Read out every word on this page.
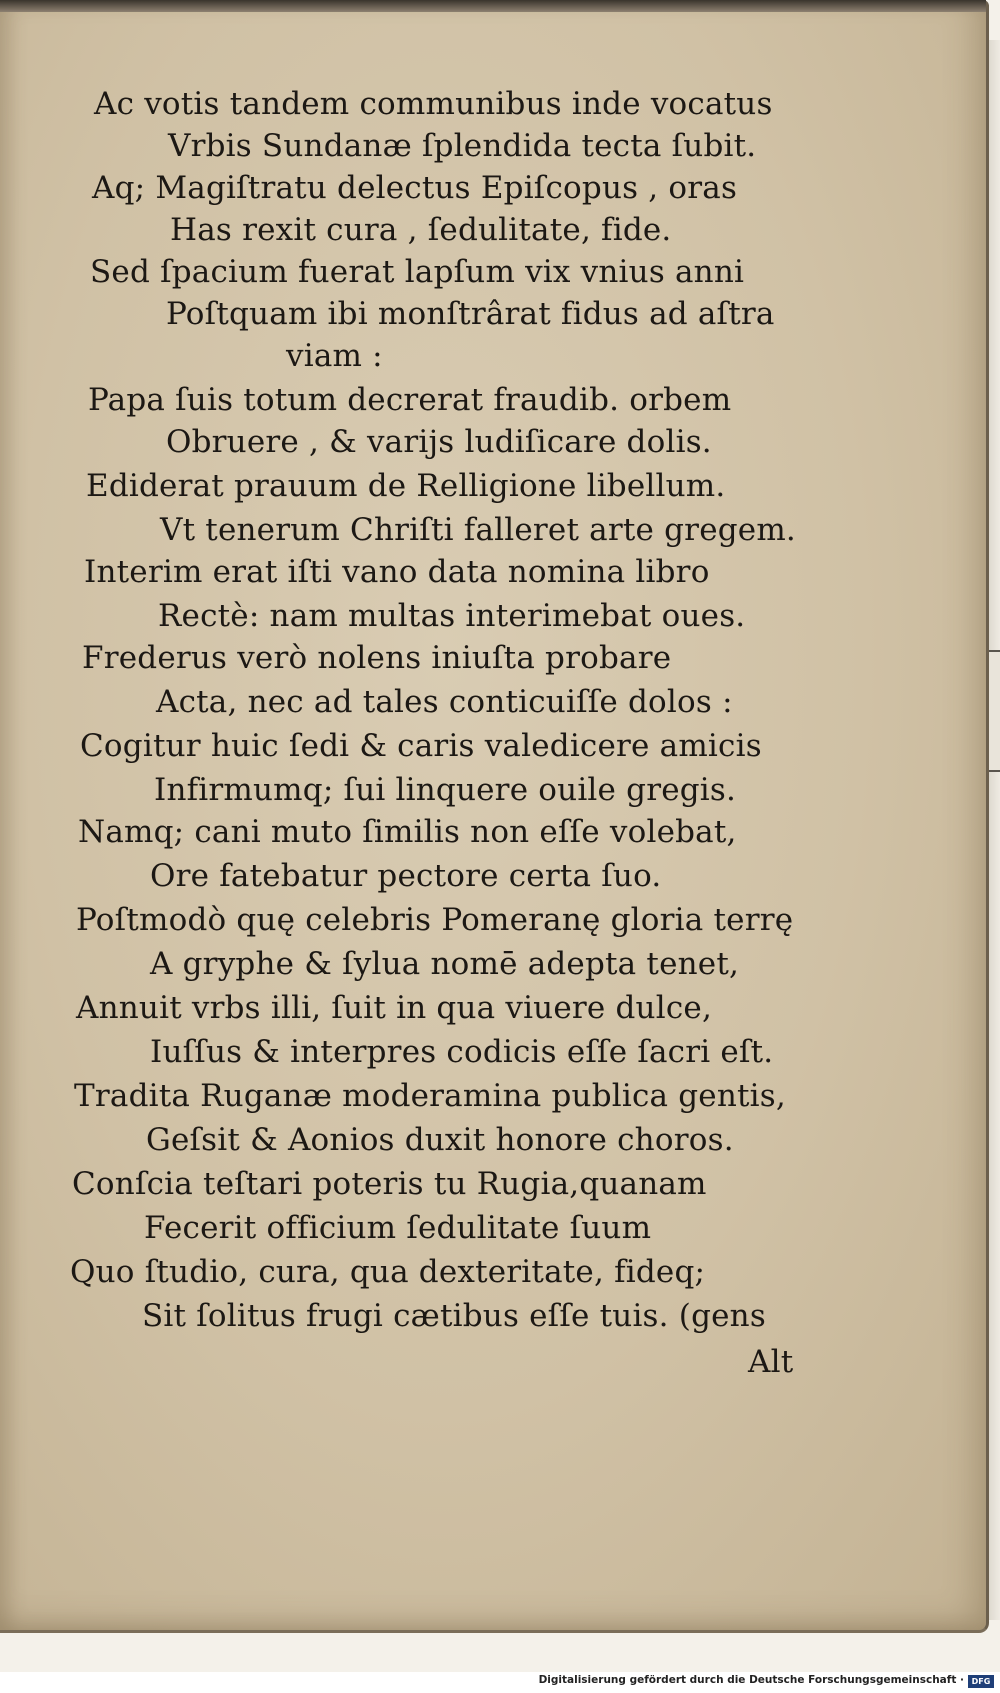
Ac votis tandem communibus inde vocatus
Vrbis Sundanæ ſplendida tecta ſubit.
Aq; Magiſtratu delectus Epiſcopus , oras
Has rexit cura , ſedulitate, fide.
Sed ſpacium fuerat lapſum vix vnius anni
Poſtquam ibi monſtrârat fidus ad aſtra
viam :
Papa ſuis totum decrerat fraudib. orbem
Obruere , & varijs ludiſicare dolis.
Ediderat prauum de Relligione libellum.
Vt tenerum Chriſti falleret arte gregem.
Interim erat iſti vano data nomina libro
Rectè: nam multas interimebat oues.
Frederus verò nolens iniuſta probare
Acta, nec ad tales conticuiſſe dolos :
Cogitur huic ſedi & caris valedicere amicis
Infirmumq; ſui linquere ouile gregis.
Namq; cani muto ſimilis non eſſe volebat,
Ore fatebatur pectore certa ſuo.
Poſtmodò quę celebris Pomeranę gloria terrę
A gryphe & ſylua nomē adepta tenet,
Annuit vrbs illi, ſuit in qua viuere dulce,
Iuſſus & interpres codicis eſſe ſacri eſt.
Tradita Ruganæ moderamina publica gentis,
Geſsit & Aonios duxit honore choros.
Conſcia teſtari poteris tu Rugia,quanam
Fecerit officium ſedulitate ſuum
Quo ſtudio, cura, qua dexteritate, fideq;
Sit ſolitus frugi cætibus eſſe tuis. (gens
Alt
Digitalisierung gefördert durch die Deutsche Forschungsgemeinschaft · DFG
